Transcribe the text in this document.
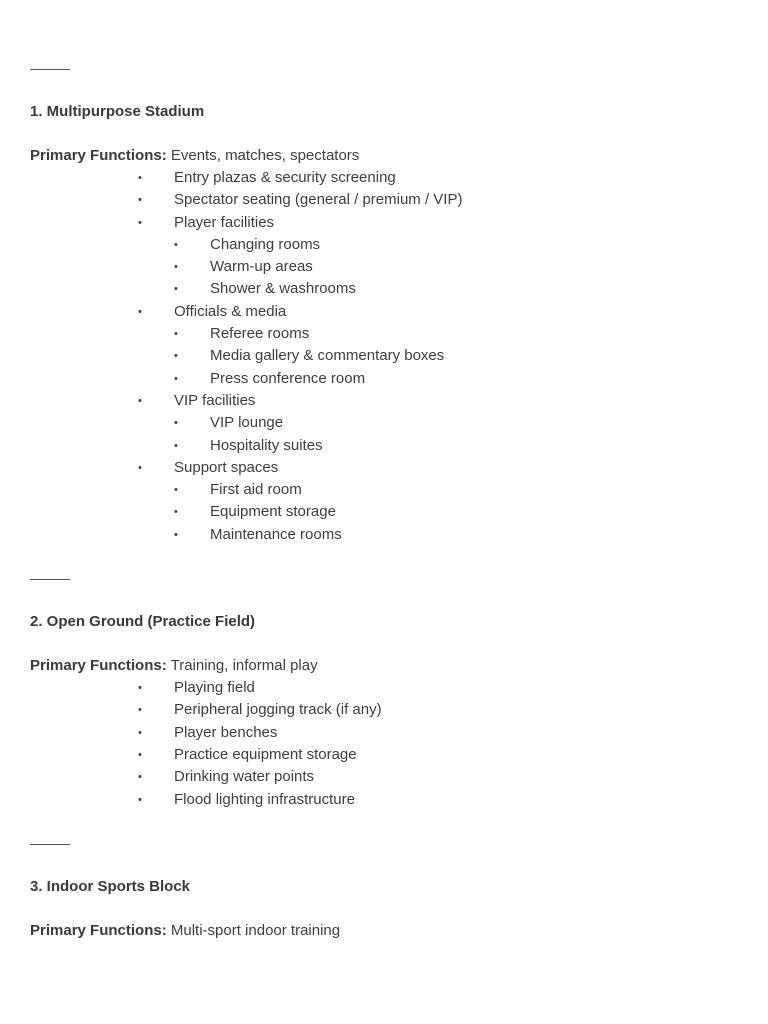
1. Multipurpose Stadium
Primary Functions: Events, matches, spectators
• Entry plazas & security screening
• Spectator seating (general / premium / VIP)
• Player facilities
• Changing rooms
• Warm-up areas
• Shower & washrooms
• Officials & media
• Referee rooms
• Media gallery & commentary boxes
• Press conference room
• VIP facilities
• VIP lounge
• Hospitality suites
• Support spaces
• First aid room
• Equipment storage
• Maintenance rooms
2. Open Ground (Practice Field)
Primary Functions: Training, informal play
• Playing field
• Peripheral jogging track (if any)
• Player benches
• Practice equipment storage
• Drinking water points
• Flood lighting infrastructure
3. Indoor Sports Block
Primary Functions: Multi-sport indoor training
